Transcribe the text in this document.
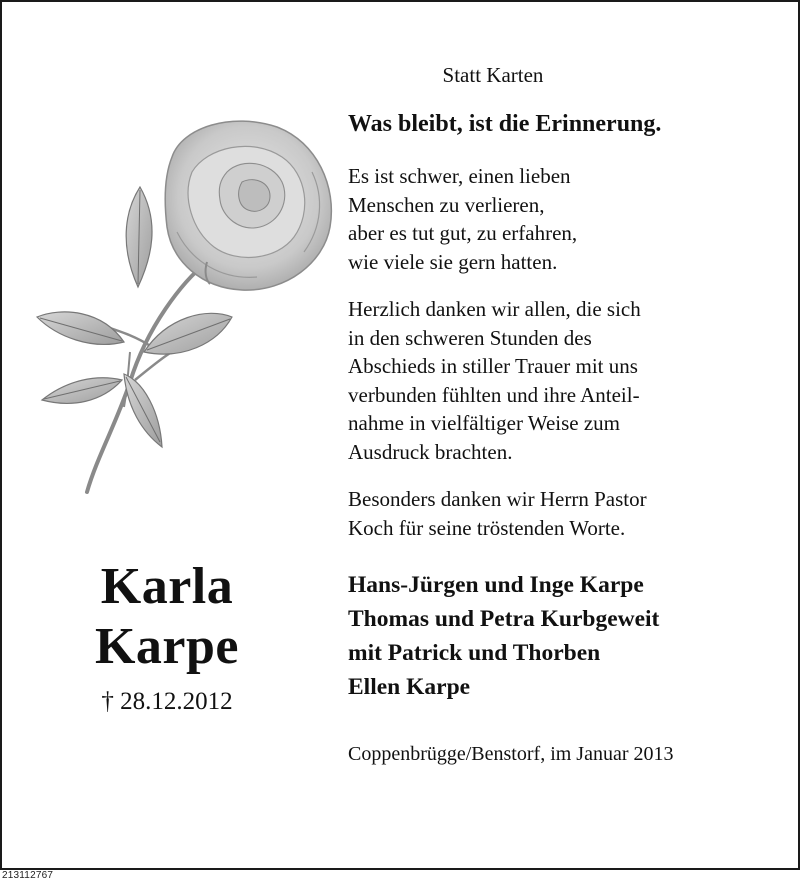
Karla
Karpe
† 28.12.2012
Statt Karten
Was bleibt, ist die Erinnerung.
Es ist schwer, einen lieben
Menschen zu verlieren,
aber es tut gut, zu erfahren,
wie viele sie gern hatten.
Herzlich danken wir allen, die sich
in den schweren Stunden des
Abschieds in stiller Trauer mit uns
verbunden fühlten und ihre Anteil-
nahme in vielfältiger Weise zum
Ausdruck brachten.
Besonders danken wir Herrn Pastor
Koch für seine tröstenden Worte.
Hans-Jürgen und Inge Karpe
Thomas und Petra Kurbgeweit
mit Patrick und Thorben
Ellen Karpe
Coppenbrügge/Benstorf, im Januar 2013
213112767
